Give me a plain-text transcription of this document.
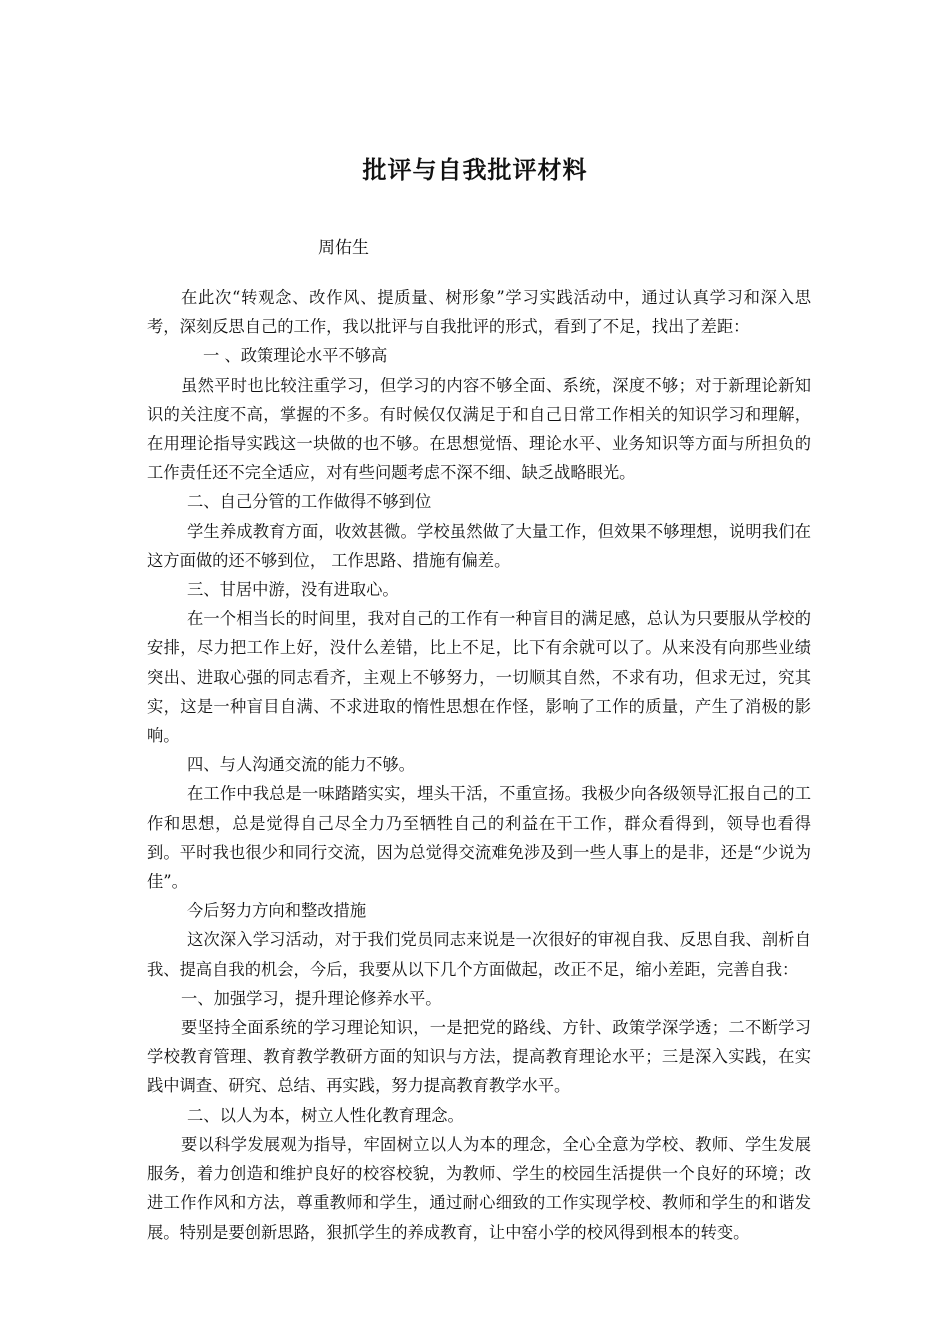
批评与自我批评材料
周佑生

在此次“转观念、改作风、提质量、树形象”学习实践活动中，通过认真学习和深入思考，深刻反思自己的工作，我以批评与自我批评的形式，看到了不足，找出了差距：

一 、政策理论水平不够高

虽然平时也比较注重学习，但学习的内容不够全面、系统，深度不够；对于新理论新知识的关注度不高，掌握的不多。有时候仅仅满足于和自己日常工作相关的知识学习和理解，在用理论指导实践这一块做的也不够。在思想觉悟、理论水平、业务知识等方面与所担负的工作责任还不完全适应，对有些问题考虑不深不细、缺乏战略眼光。

二、自己分管的工作做得不够到位

学生养成教育方面，收效甚微。学校虽然做了大量工作，但效果不够理想，说明我们在这方面做的还不够到位， 工作思路、措施有偏差。

三、甘居中游，没有进取心。

在一个相当长的时间里，我对自己的工作有一种盲目的满足感，总认为只要服从学校的安排，尽力把工作上好，没什么差错，比上不足，比下有余就可以了。从来没有向那些业绩突出、进取心强的同志看齐，主观上不够努力，一切顺其自然，不求有功，但求无过，究其实，这是一种盲目自满、不求进取的惰性思想在作怪，影响了工作的质量，产生了消极的影响。

四、与人沟通交流的能力不够。

在工作中我总是一味踏踏实实，埋头干活，不重宣扬。我极少向各级领导汇报自己的工作和思想，总是觉得自己尽全力乃至牺牲自己的利益在干工作，群众看得到，领导也看得到。平时我也很少和同行交流，因为总觉得交流难免涉及到一些人事上的是非，还是“少说为佳”。

今后努力方向和整改措施

这次深入学习活动，对于我们党员同志来说是一次很好的审视自我、反思自我、剖析自我、提高自我的机会，今后，我要从以下几个方面做起，改正不足，缩小差距，完善自我：

一、加强学习，提升理论修养水平。

要坚持全面系统的学习理论知识，一是把党的路线、方针、政策学深学透；二不断学习学校教育管理、教育教学教研方面的知识与方法，提高教育理论水平；三是深入实践，在实践中调查、研究、总结、再实践，努力提高教育教学水平。

二、以人为本，树立人性化教育理念。

要以科学发展观为指导，牢固树立以人为本的理念，全心全意为学校、教师、学生发展服务，着力创造和维护良好的校容校貌，为教师、学生的校园生活提供一个良好的环境；改进工作作风和方法，尊重教师和学生，通过耐心细致的工作实现学校、教师和学生的和谐发展。特别是要创新思路，狠抓学生的养成教育，让中窑小学的校风得到根本的转变。
